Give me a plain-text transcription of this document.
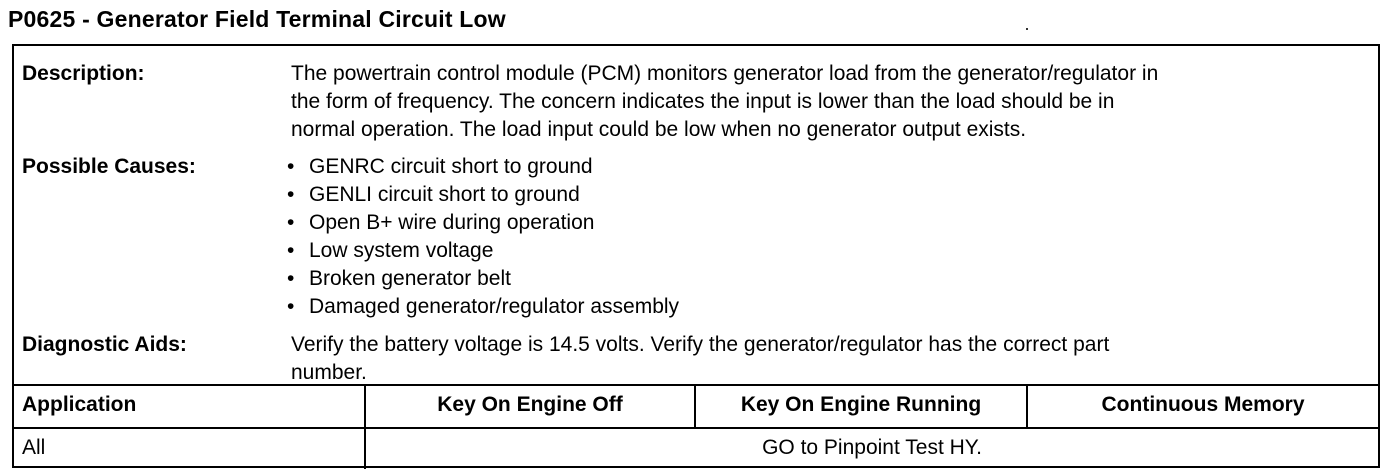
P0625 - Generator Field Terminal Circuit Low
Description:	The powertrain control module (PCM) monitors generator load from the generator/regulator in
the form of frequency. The concern indicates the input is lower than the load should be in
normal operation. The load input could be low when no generator output exists.
Possible Causes:
•	GENRC circuit short to ground
• GENLI circuit short to ground
• Open B+ wire during operation
• Low system voltage
• Broken generator belt
• Damaged generator/regulator assembly
Diagnostic Aids:	Verify the battery voltage is 14.5 volts. Verify the generator/regulator has the correct part
number.
Application	Key On Engine Off	Key On Engine Running	Continuous Memory
All	GO to Pinpoint Test HY.
